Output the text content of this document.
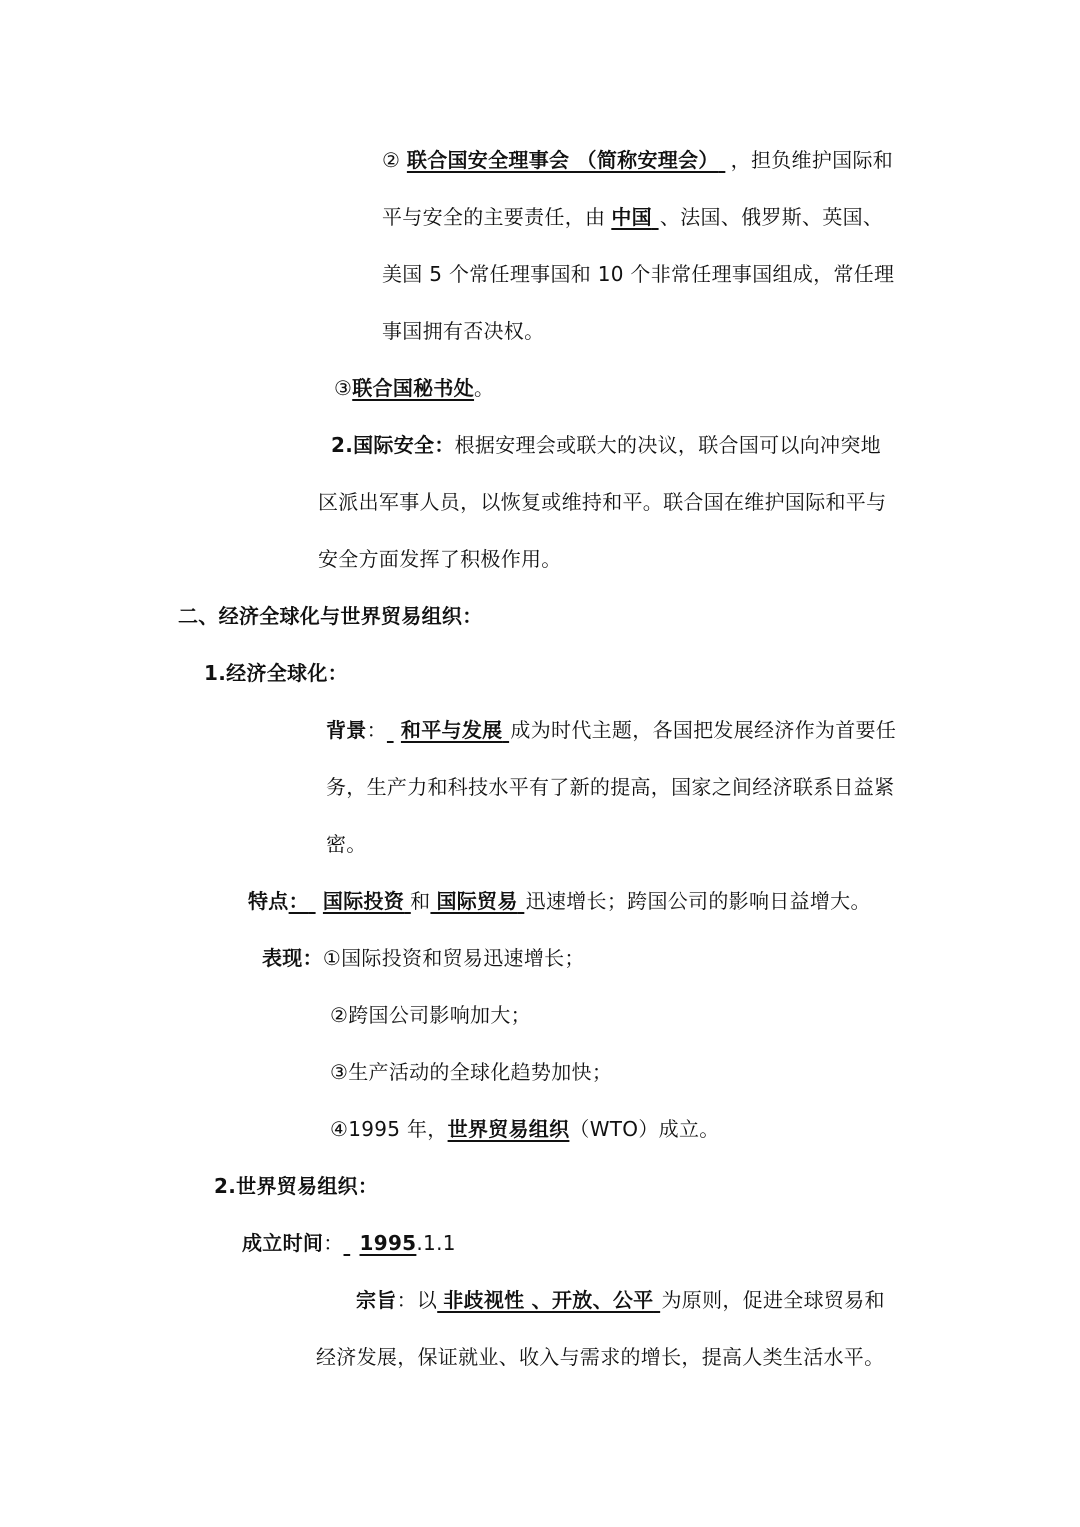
② 联合国安全理事会 （简称安理会） ，担负维护国际和
平与安全的主要责任，由 中国 、法国、俄罗斯、英国、
美国 5 个常任理事国和 10 个非常任理事国组成，常任理
事国拥有否决权。
③联合国秘书处。
2.国际安全：根据安理会或联大的决议，联合国可以向冲突地
区派出军事人员，以恢复或维持和平。联合国在维护国际和平与
安全方面发挥了积极作用。
二、经济全球化与世界贸易组织：
1.经济全球化：
背景： 和平与发展 成为时代主题，各国把发展经济作为首要任
务，生产力和科技水平有了新的提高，国家之间经济联系日益紧
密。
特点： 国际投资 和 国际贸易 迅速增长；跨国公司的影响日益增大。
表现：①国际投资和贸易迅速增长；
②跨国公司影响加大；
③生产活动的全球化趋势加快；
④1995 年，世界贸易组织（WTO）成立。
2.世界贸易组织：
成立时间： 1995.1.1
宗旨：以 非歧视性 、开放、公平 为原则，促进全球贸易和
经济发展，保证就业、收入与需求的增长，提高人类生活水平。
